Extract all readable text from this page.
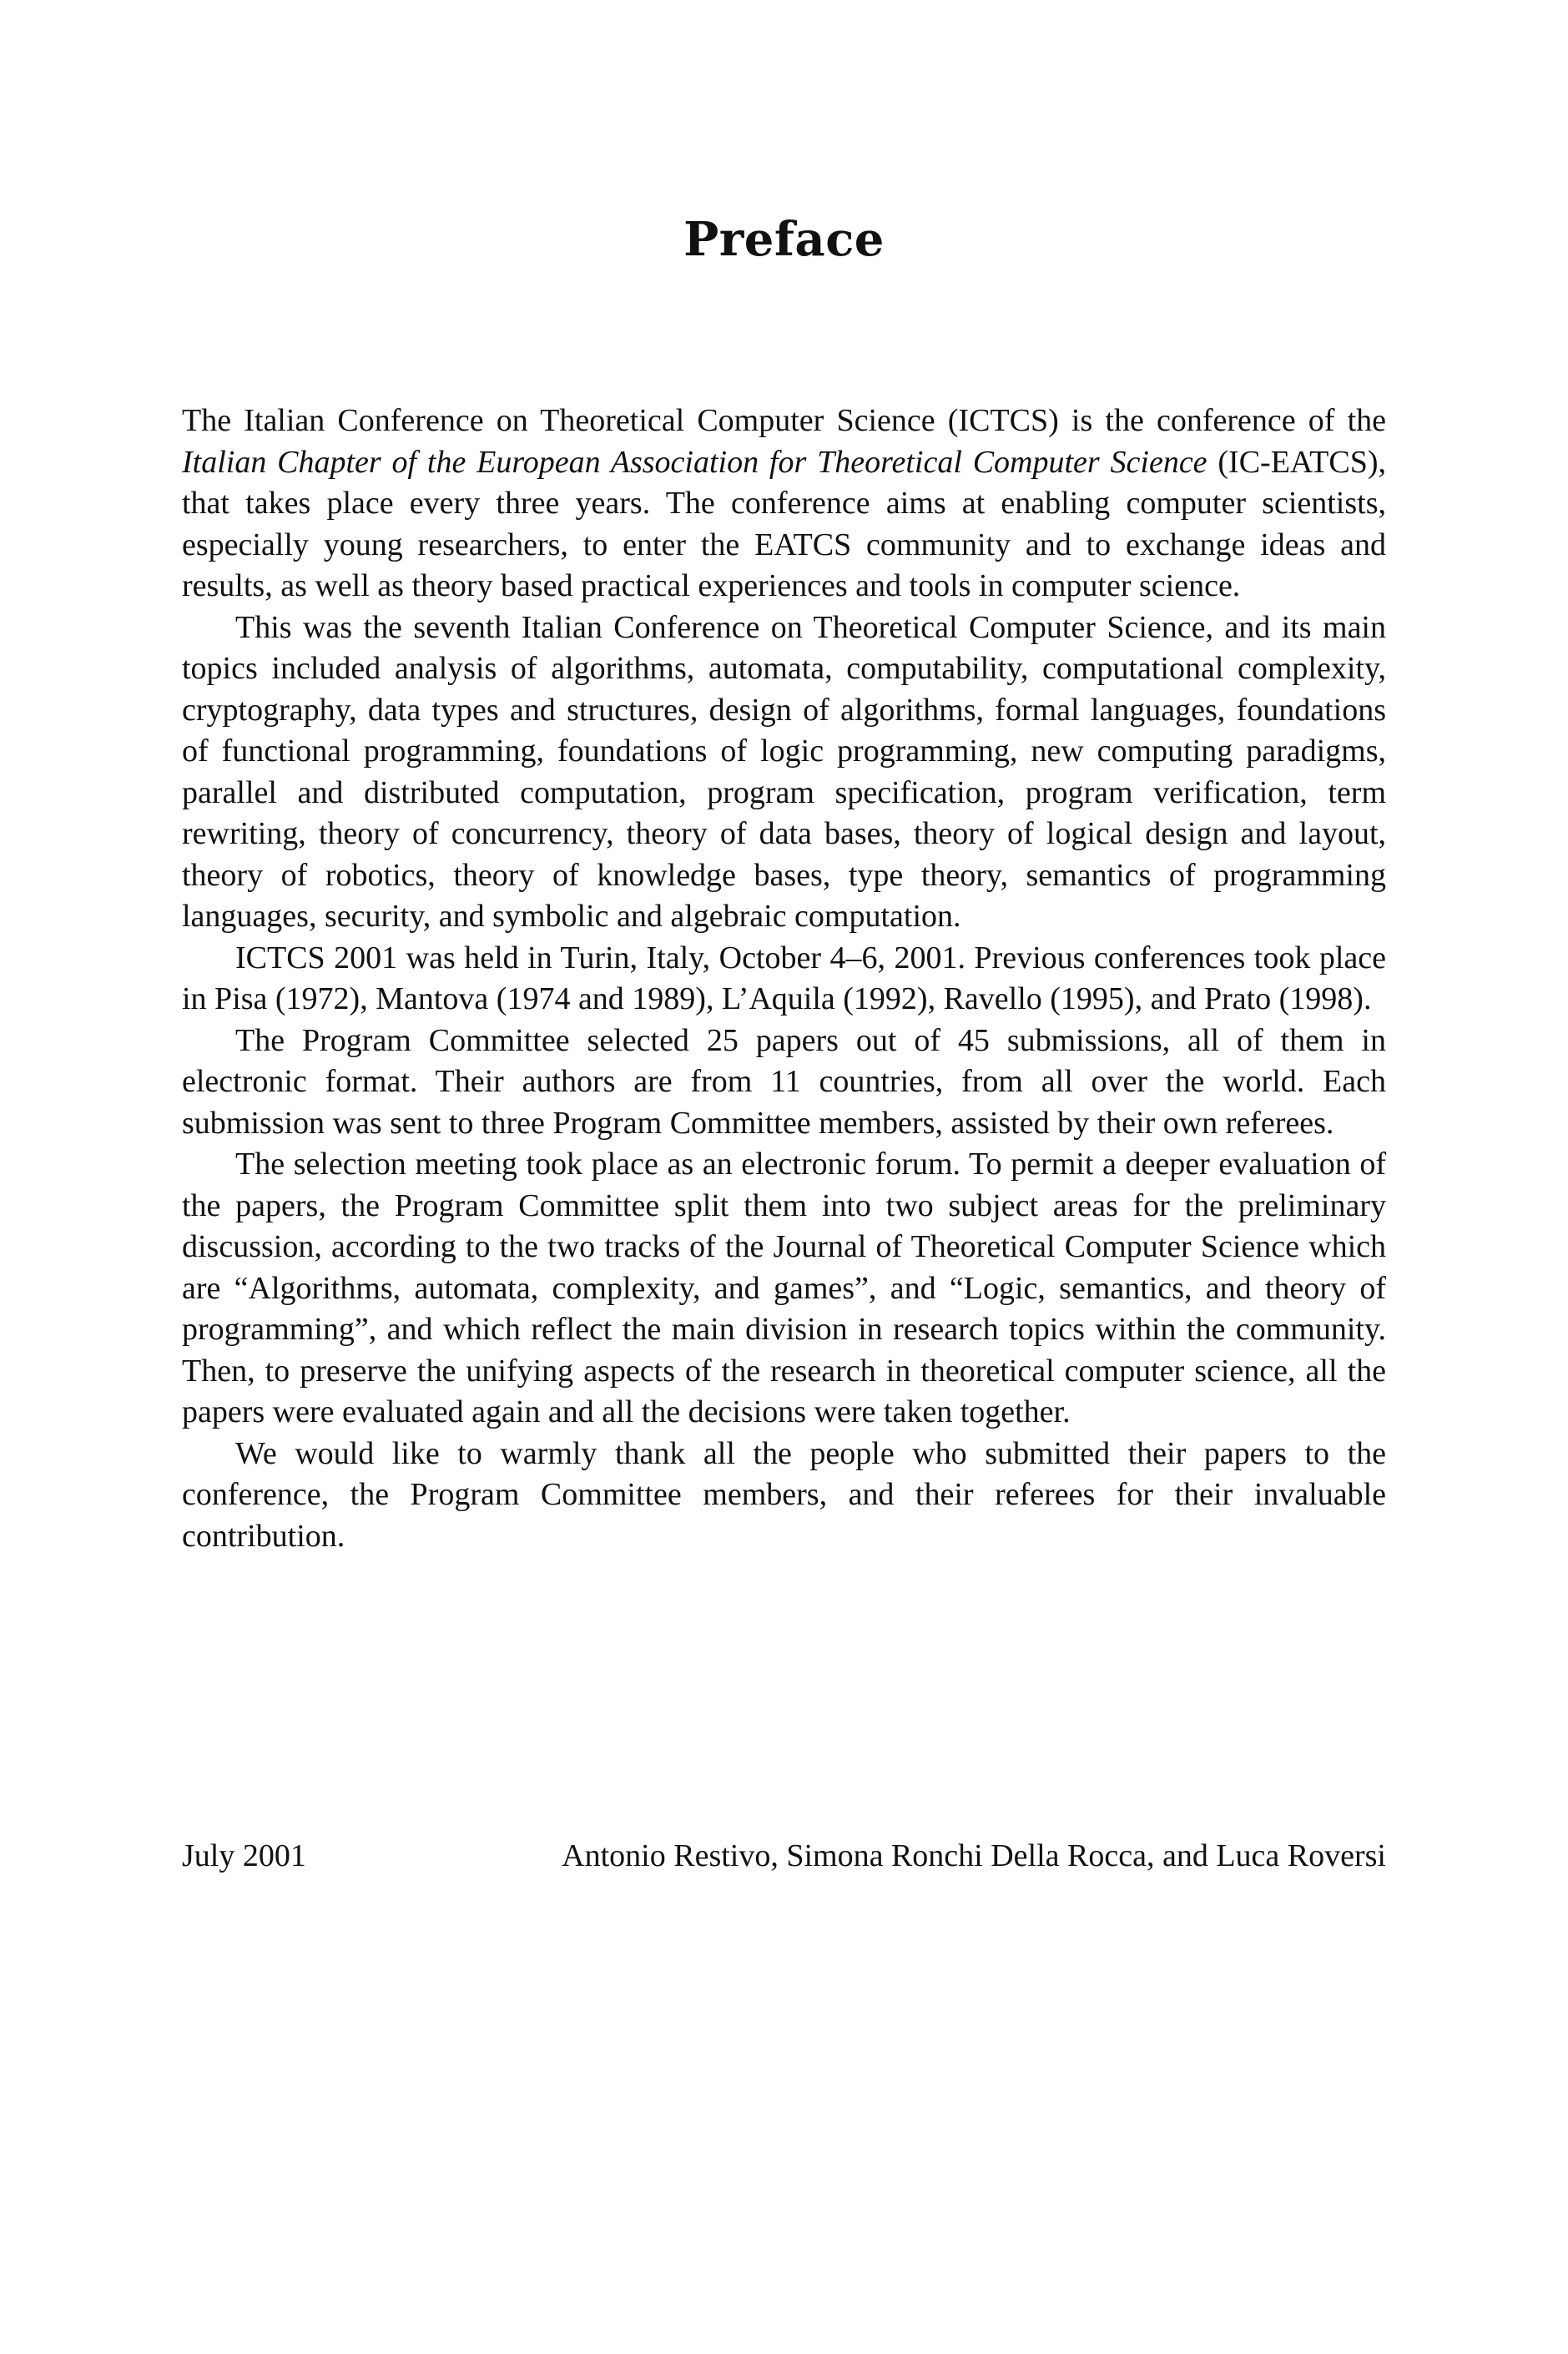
Preface

The Italian Conference on Theoretical Computer Science (ICTCS) is the conference of the Italian Chapter of the European Association for Theoretical Computer Science (IC-EATCS), that takes place every three years. The conference aims at enabling computer scientists, especially young researchers, to enter the EATCS community and to exchange ideas and results, as well as theory based practical experiences and tools in computer science.

This was the seventh Italian Conference on Theoretical Computer Science, and its main topics included analysis of algorithms, automata, computability, computational complexity, cryptography, data types and structures, design of algorithms, formal languages, foundations of functional programming, foundations of logic programming, new computing paradigms, parallel and distributed computation, program specification, program verification, term rewriting, theory of concurrency, theory of data bases, theory of logical design and layout, theory of robotics, theory of knowledge bases, type theory, semantics of programming languages, security, and symbolic and algebraic computation.

ICTCS 2001 was held in Turin, Italy, October 4–6, 2001. Previous conferences took place in Pisa (1972), Mantova (1974 and 1989), L’Aquila (1992), Ravello (1995), and Prato (1998).

The Program Committee selected 25 papers out of 45 submissions, all of them in electronic format. Their authors are from 11 countries, from all over the world. Each submission was sent to three Program Committee members, assisted by their own referees.

The selection meeting took place as an electronic forum. To permit a deeper evaluation of the papers, the Program Committee split them into two subject areas for the preliminary discussion, according to the two tracks of the Journal of Theoretical Computer Science which are “Algorithms, automata, complexity, and games”, and “Logic, semantics, and theory of programming”, and which reflect the main division in research topics within the community. Then, to preserve the unifying aspects of the research in theoretical computer science, all the papers were evaluated again and all the decisions were taken together.

We would like to warmly thank all the people who submitted their papers to the conference, the Program Committee members, and their referees for their invaluable contribution.

July 2001	Antonio Restivo, Simona Ronchi Della Rocca, and Luca Roversi
